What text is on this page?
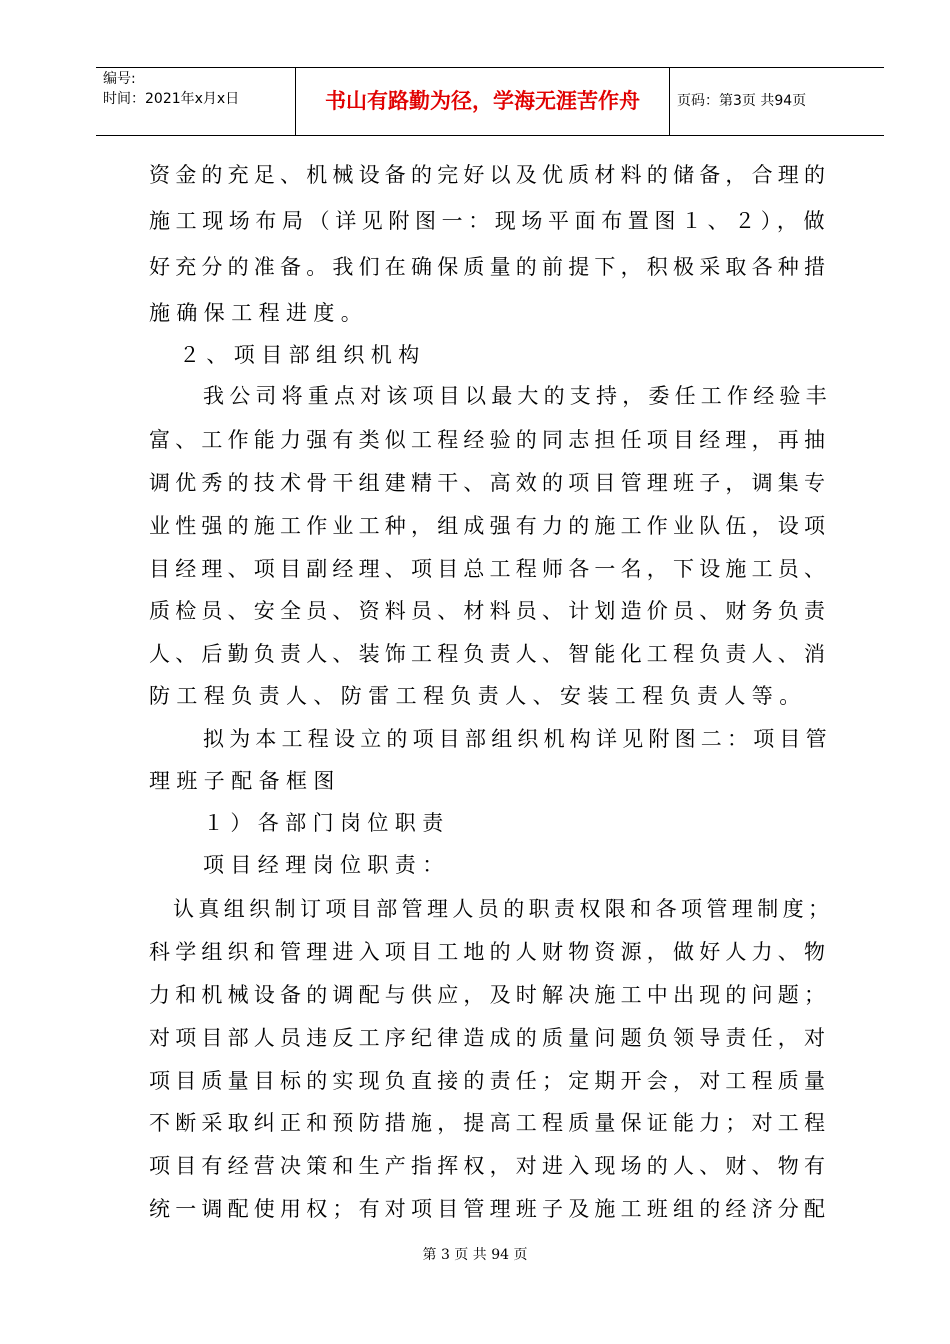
编号:
时间：2021年x月x日	书山有路勤为径，学海无涯苦作舟	页码：第3页 共94页
资金的充足、机械设备的完好以及优质材料的储备，合理的
施工现场布局（详见附图一：现场平面布置图１、２），做
好充分的准备。我们在确保质量的前提下，积极采取各种措
施确保工程进度。
２、项目部组织机构
我公司将重点对该项目以最大的支持，委任工作经验丰
富、工作能力强有类似工程经验的同志担任项目经理，再抽
调优秀的技术骨干组建精干、高效的项目管理班子，调集专
业性强的施工作业工种，组成强有力的施工作业队伍，设项
目经理、项目副经理、项目总工程师各一名，下设施工员、
质检员、安全员、资料员、材料员、计划造价员、财务负责
人、后勤负责人、装饰工程负责人、智能化工程负责人、消
防工程负责人、防雷工程负责人、安装工程负责人等。
拟为本工程设立的项目部组织机构详见附图二：项目管
理班子配备框图
１）各部门岗位职责
项目经理岗位职责：
认真组织制订项目部管理人员的职责权限和各项管理制度；
科学组织和管理进入项目工地的人财物资源，做好人力、物
力和机械设备的调配与供应，及时解决施工中出现的问题；
对项目部人员违反工序纪律造成的质量问题负领导责任，对
项目质量目标的实现负直接的责任；定期开会，对工程质量
不断采取纠正和预防措施，提高工程质量保证能力；对工程
项目有经营决策和生产指挥权，对进入现场的人、财、物有
统一调配使用权；有对项目管理班子及施工班组的经济分配
第 3 页 共 94 页
